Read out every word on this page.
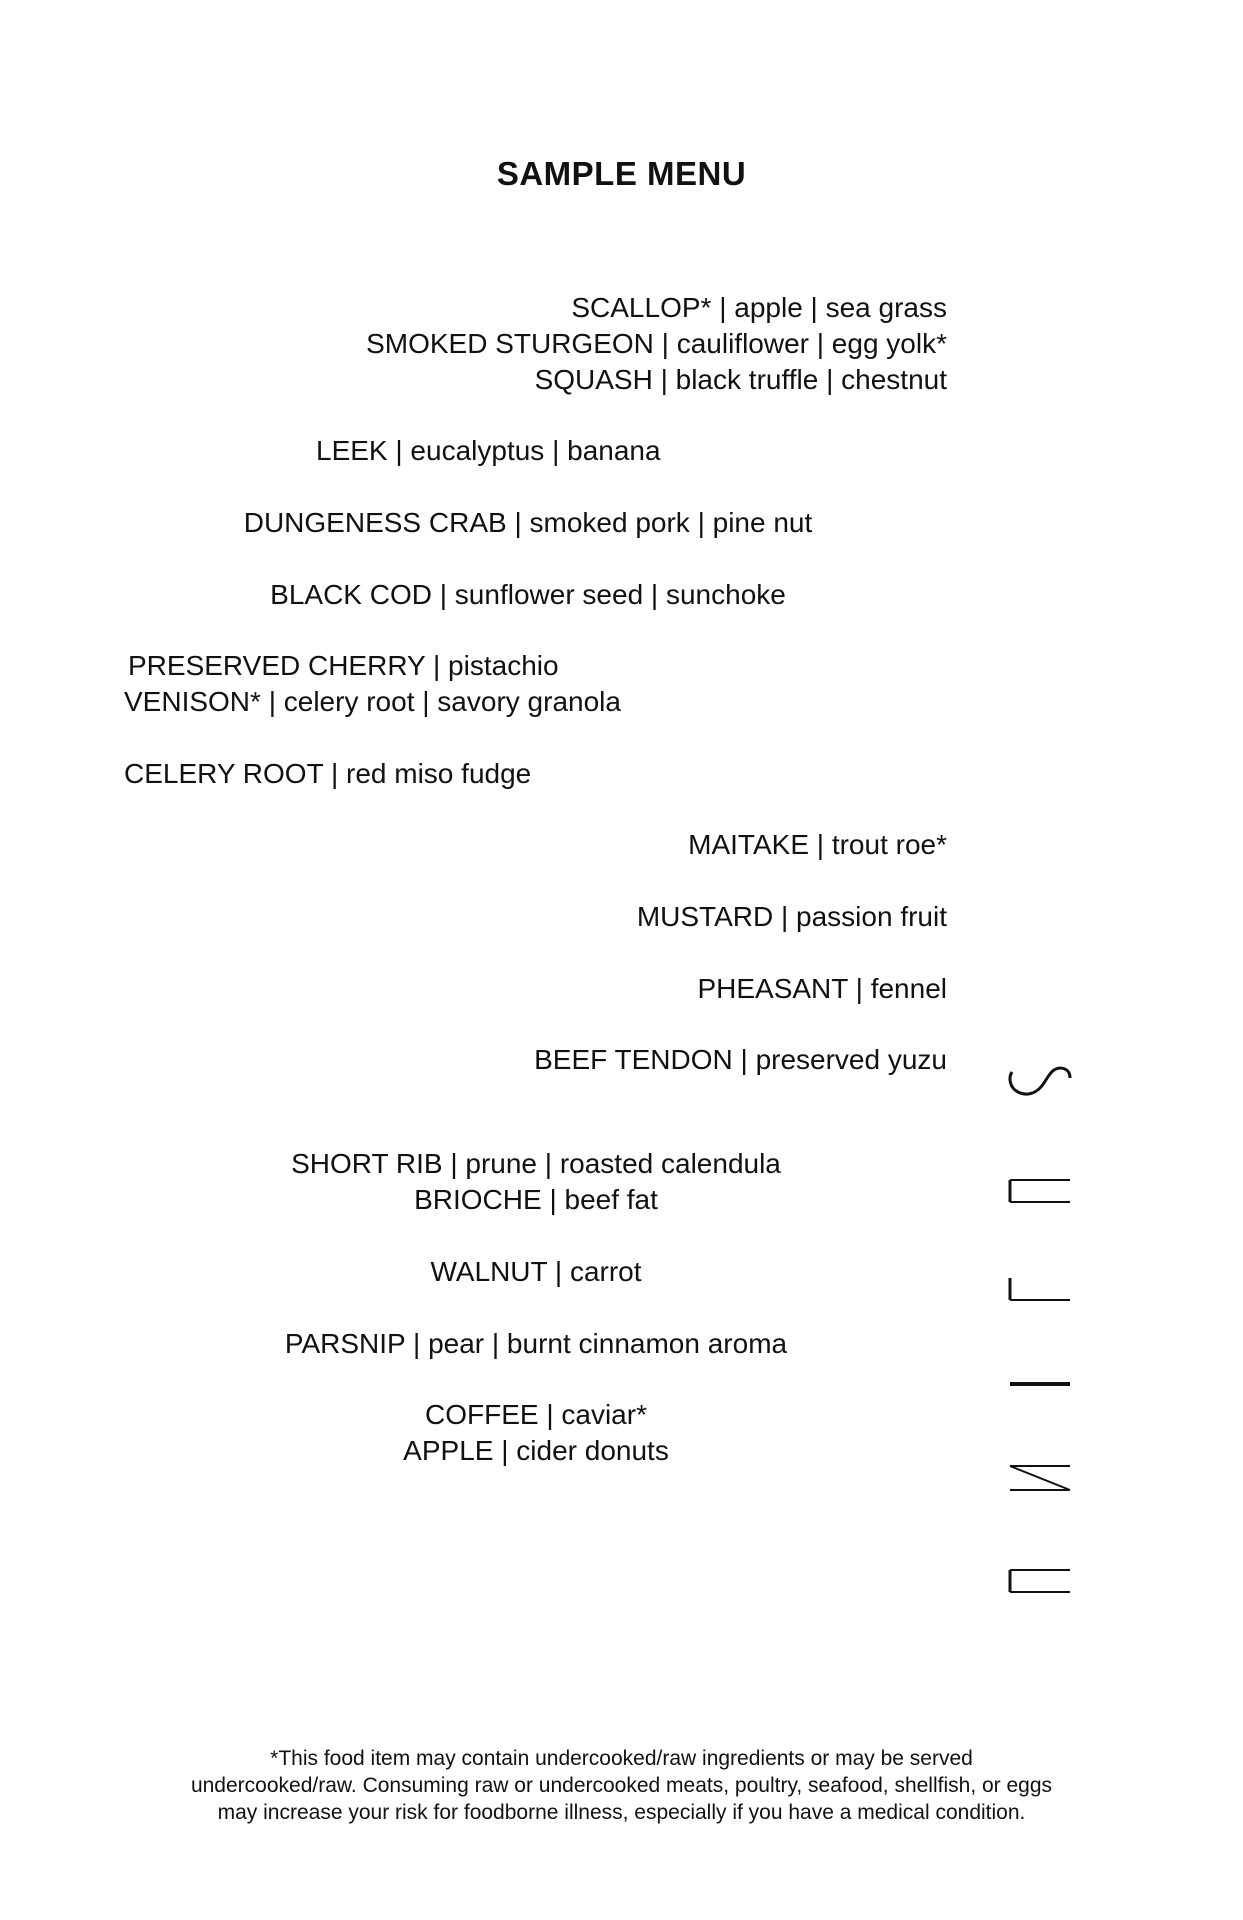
SAMPLE MENU

SCALLOP* | apple | sea grass

SMOKED STURGEON | cauliflower | egg yolk*

SQUASH | black truffle | chestnut

LEEK | eucalyptus | banana

DUNGENESS CRAB | smoked pork | pine nut

BLACK COD | sunflower seed | sunchoke

PRESERVED CHERRY | pistachio

VENISON* | celery root | savory granola

CELERY ROOT | red miso fudge

MAITAKE | trout roe*

MUSTARD | passion fruit

PHEASANT | fennel

BEEF TENDON | preserved yuzu

SHORT RIB | prune | roasted calendula

BRIOCHE | beef fat

WALNUT | carrot

PARSNIP | pear | burnt cinnamon aroma

COFFEE | caviar*

APPLE | cider donuts

*This food item may contain undercooked/raw ingredients or may be served undercooked/raw. Consuming raw or undercooked meats, poultry, seafood, shellfish, or eggs may increase your risk for foodborne illness, especially if you have a medical condition.
